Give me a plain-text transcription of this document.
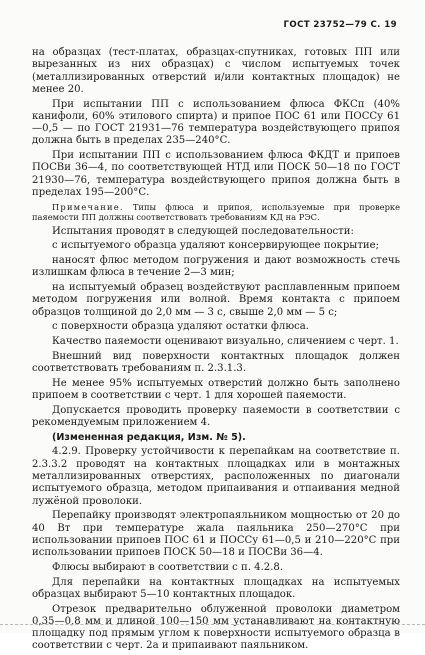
ГОСТ 23752—79 С. 19

на образцах (тест-платах, образцах-спутниках, готовых ПП или вырезанных из них образцах) с числом испытуемых точек (металлизированных отверстий и/или контактных площадок) не менее 20.

При испытании ПП с использованием флюса ФКСп (40% канифоли, 60% этилового спирта) и припое ПОС 61 или ПОССу 61—0,5 — по ГОСТ 21931—76 температура воздействующего припоя должна быть в пределах 235—240°С.

При испытании ПП с использованием флюса ФКДТ и припоев ПОСВи 36—4, по соответствующей НТД или ПОСК 50—18 по ГОСТ 21930—76, температура воздействующего припоя должна быть в пределах 195—200°С.

Примечание. Типы флюса и припоя, используемые при проверке паяемости ПП должны соответствовать требованиям КД на РЭС.

Испытания проводят в следующей последовательности:

с испытуемого образца удаляют консервирующее покрытие;

наносят флюс методом погружения и дают возможность стечь излишкам флюса в течение 2—3 мин;

на испытуемый образец воздействуют расплавленным припоем методом погружения или волной. Время контакта с припоем образцов толщиной до 2,0 мм — 3 с, свыше 2,0 мм — 5 с;

с поверхности образца удаляют остатки флюса.

Качество паяемости оценивают визуально, сличением с черт. 1.

Внешний вид поверхности контактных площадок должен соответствовать требованиям п. 2.3.1.3.

Не менее 95% испытуемых отверстий должно быть заполнено припоем в соответствии с черт. 1 для хорошей паяемости.

Допускается проводить проверку паяемости в соответствии с рекомендуемым приложением 4.

(Измененная редакция, Изм. № 5).

4.2.9. Проверку устойчивости к перепайкам на соответствие п. 2.3.3.2 проводят на контактных площадках или в монтажных металлизированных отверстиях, расположенных по диагонали испытуемого образца, методом припаивания и отпаивания медной лужёной проволоки.

Перепайку производят электропаяльником мощностью от 20 до 40 Вт при температуре жала паяльника 250—270°С при использовании припоев ПОС 61 и ПОССу 61—0,5 и 210—220°С при использовании припоев ПОСК 50—18 и ПОСВи 36—4.

Флюсы выбирают в соответствии с п. 4.2.8.

Для перепайки на контактных площадках на испытуемых образцах выбирают 5—10 контактных площадок.

Отрезок предварительно облуженной проволоки диаметром 0,35—0,8 мм и длиной 100—150 мм устанавливают на контактную площадку под прямым углом к поверхности испытуемого образца в соответствии с черт. 2а и припаивают паяльником.
